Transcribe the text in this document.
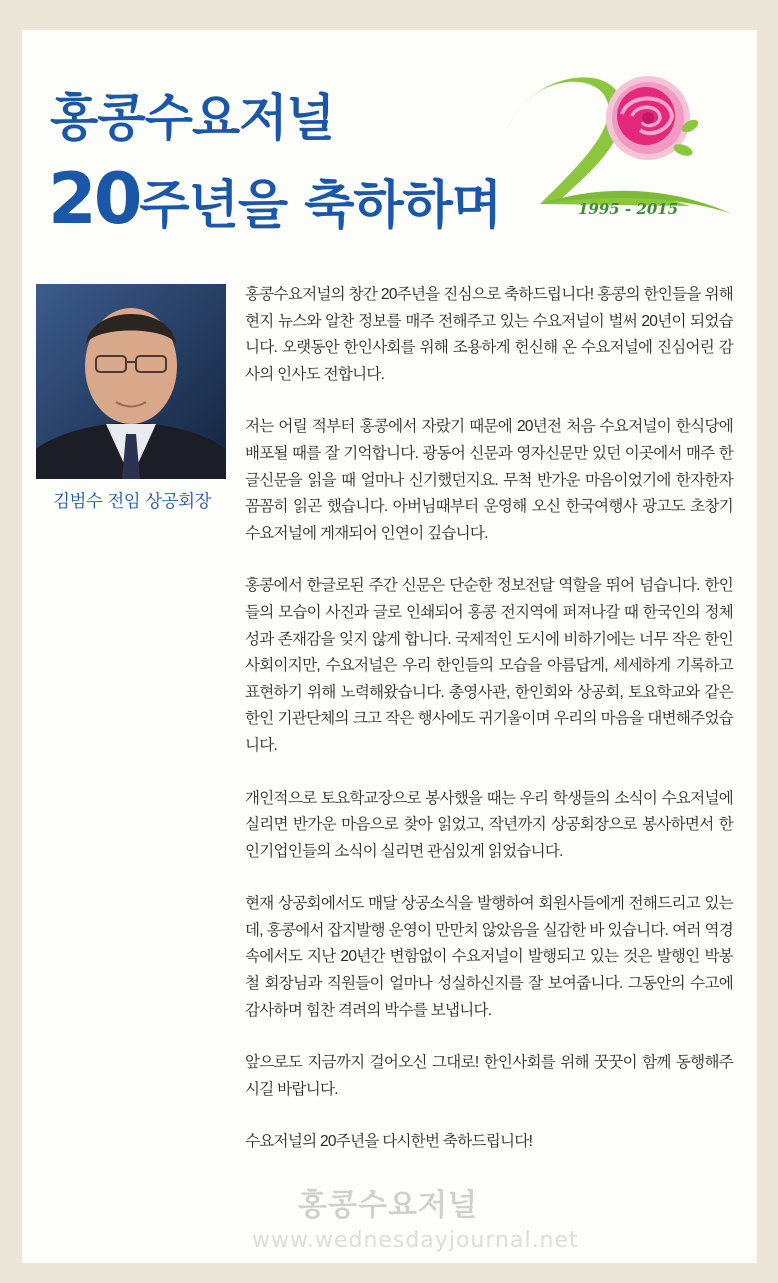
홍콩수요저널
20주년을 축하하며	1995 - 2015
김범수 전임 상공회장

홍콩수요저널의 창간 20주년을 진심으로 축하드립니다! 홍콩의 한인들을 위해 현지 뉴스와 알찬 정보를 매주 전해주고 있는 수요저널이 벌써 20년이 되었습니다. 오랫동안 한인사회를 위해 조용하게 헌신해 온 수요저널에 진심어린 감사의 인사도 전합니다.

저는 어릴 적부터 홍콩에서 자랐기 때문에 20년전 처음 수요저널이 한식당에 배포될 때를 잘 기억합니다. 광동어 신문과 영자신문만 있던 이곳에서 매주 한글신문을 읽을 때 얼마나 신기했던지요. 무척 반가운 마음이었기에 한자한자 꼼꼼히 읽곤 했습니다. 아버님때부터 운영해 오신 한국여행사 광고도 초창기 수요저널에 게재되어 인연이 깊습니다.

홍콩에서 한글로된 주간 신문은 단순한 정보전달 역할을 뛰어 넘습니다. 한인들의 모습이 사진과 글로 인쇄되어 홍콩 전지역에 퍼져나갈 때 한국인의 정체성과 존재감을 잊지 않게 합니다. 국제적인 도시에 비하기에는 너무 작은 한인사회이지만, 수요저널은 우리 한인들의 모습을 아름답게, 세세하게 기록하고 표현하기 위해 노력해왔습니다. 총영사관, 한인회와 상공회, 토요학교와 같은 한인 기관단체의 크고 작은 행사에도 귀기울이며 우리의 마음을 대변해주었습니다.

개인적으로 토요학교장으로 봉사했을 때는 우리 학생들의 소식이 수요저널에 실리면 반가운 마음으로 찾아 읽었고, 작년까지 상공회장으로 봉사하면서 한인기업인들의 소식이 실리면 관심있게 읽었습니다.

현재 상공회에서도 매달 상공소식을 발행하여 회원사들에게 전해드리고 있는데, 홍콩에서 잡지발행 운영이 만만치 않았음을 실감한 바 있습니다. 여러 역경 속에서도 지난 20년간 변함없이 수요저널이 발행되고 있는 것은 발행인 박봉철 회장님과 직원들이 얼마나 성실하신지를 잘 보여줍니다. 그동안의 수고에 감사하며 힘찬 격려의 박수를 보냅니다.

앞으로도 지금까지 걸어오신 그대로! 한인사회를 위해 꿋꿋이 함께 동행해주시길 바랍니다.

수요저널의 20주년을 다시한번 축하드립니다!

홍콩수요저널
www.wednesdayjournal.net
